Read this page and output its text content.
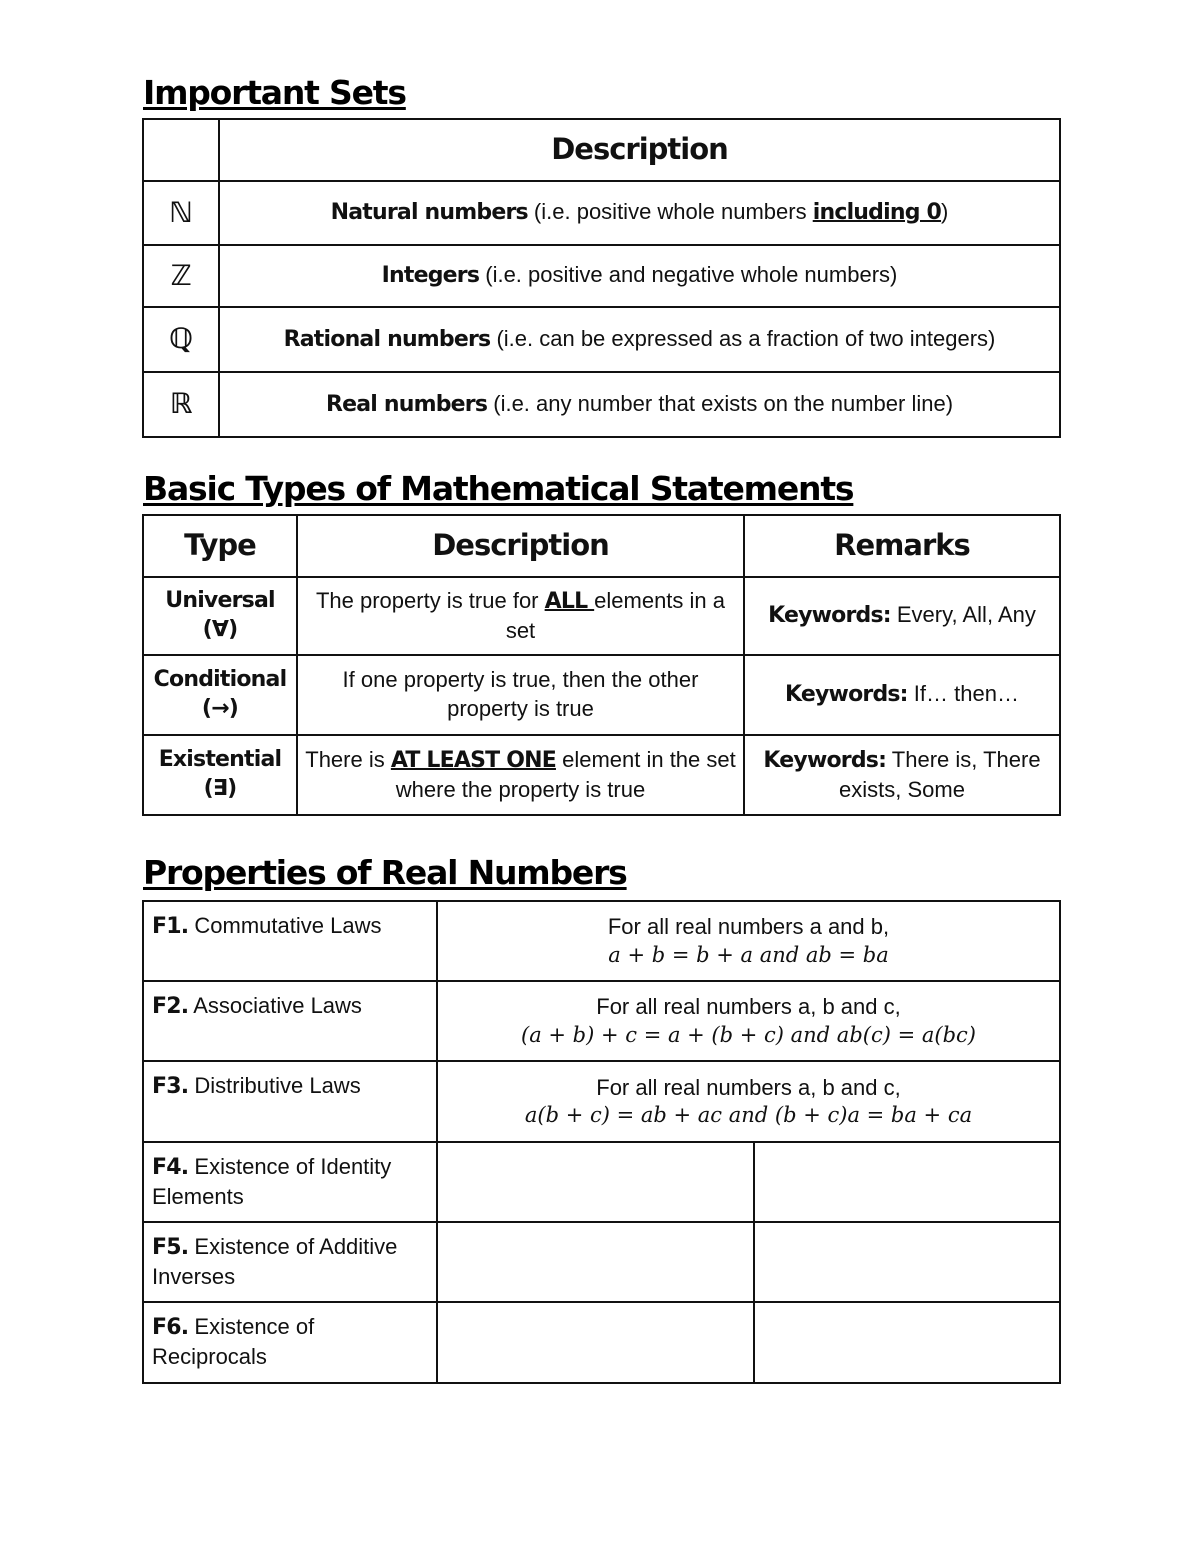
Important Sets
	Description
ℕ	Natural numbers (i.e. positive whole numbers including 0)
ℤ	Integers (i.e. positive and negative whole numbers)
ℚ	Rational numbers (i.e. can be expressed as a fraction of two integers)
ℝ	Real numbers (i.e. any number that exists on the number line)
Basic Types of Mathematical Statements
Type	Description	Remarks

Universal
(∀)	The property is true for ALL elements in a set	Keywords: Every, All, Any

Conditional
(→)	If one property is true, then the other property is true	Keywords: If… then…

Existential
(∃)	There is AT LEAST ONE element in the set where the property is true	Keywords: There is, There exists, Some
Properties of Real Numbers
F1. Commutative Laws	For all real numbers a and b,
a + b = b + a and ab = ba	

F2. Associative Laws	For all real numbers a, b and c,
(a + b) + c = a + (b + c) and ab(c) = a(bc)	

F3. Distributive Laws	For all real numbers a, b and c,
a(b + c) = ab + ac and (b + c)a = ba + ca	

F4. Existence of Identity Elements		
F5. Existence of Additive Inverses		
F6. Existence of Reciprocals		
